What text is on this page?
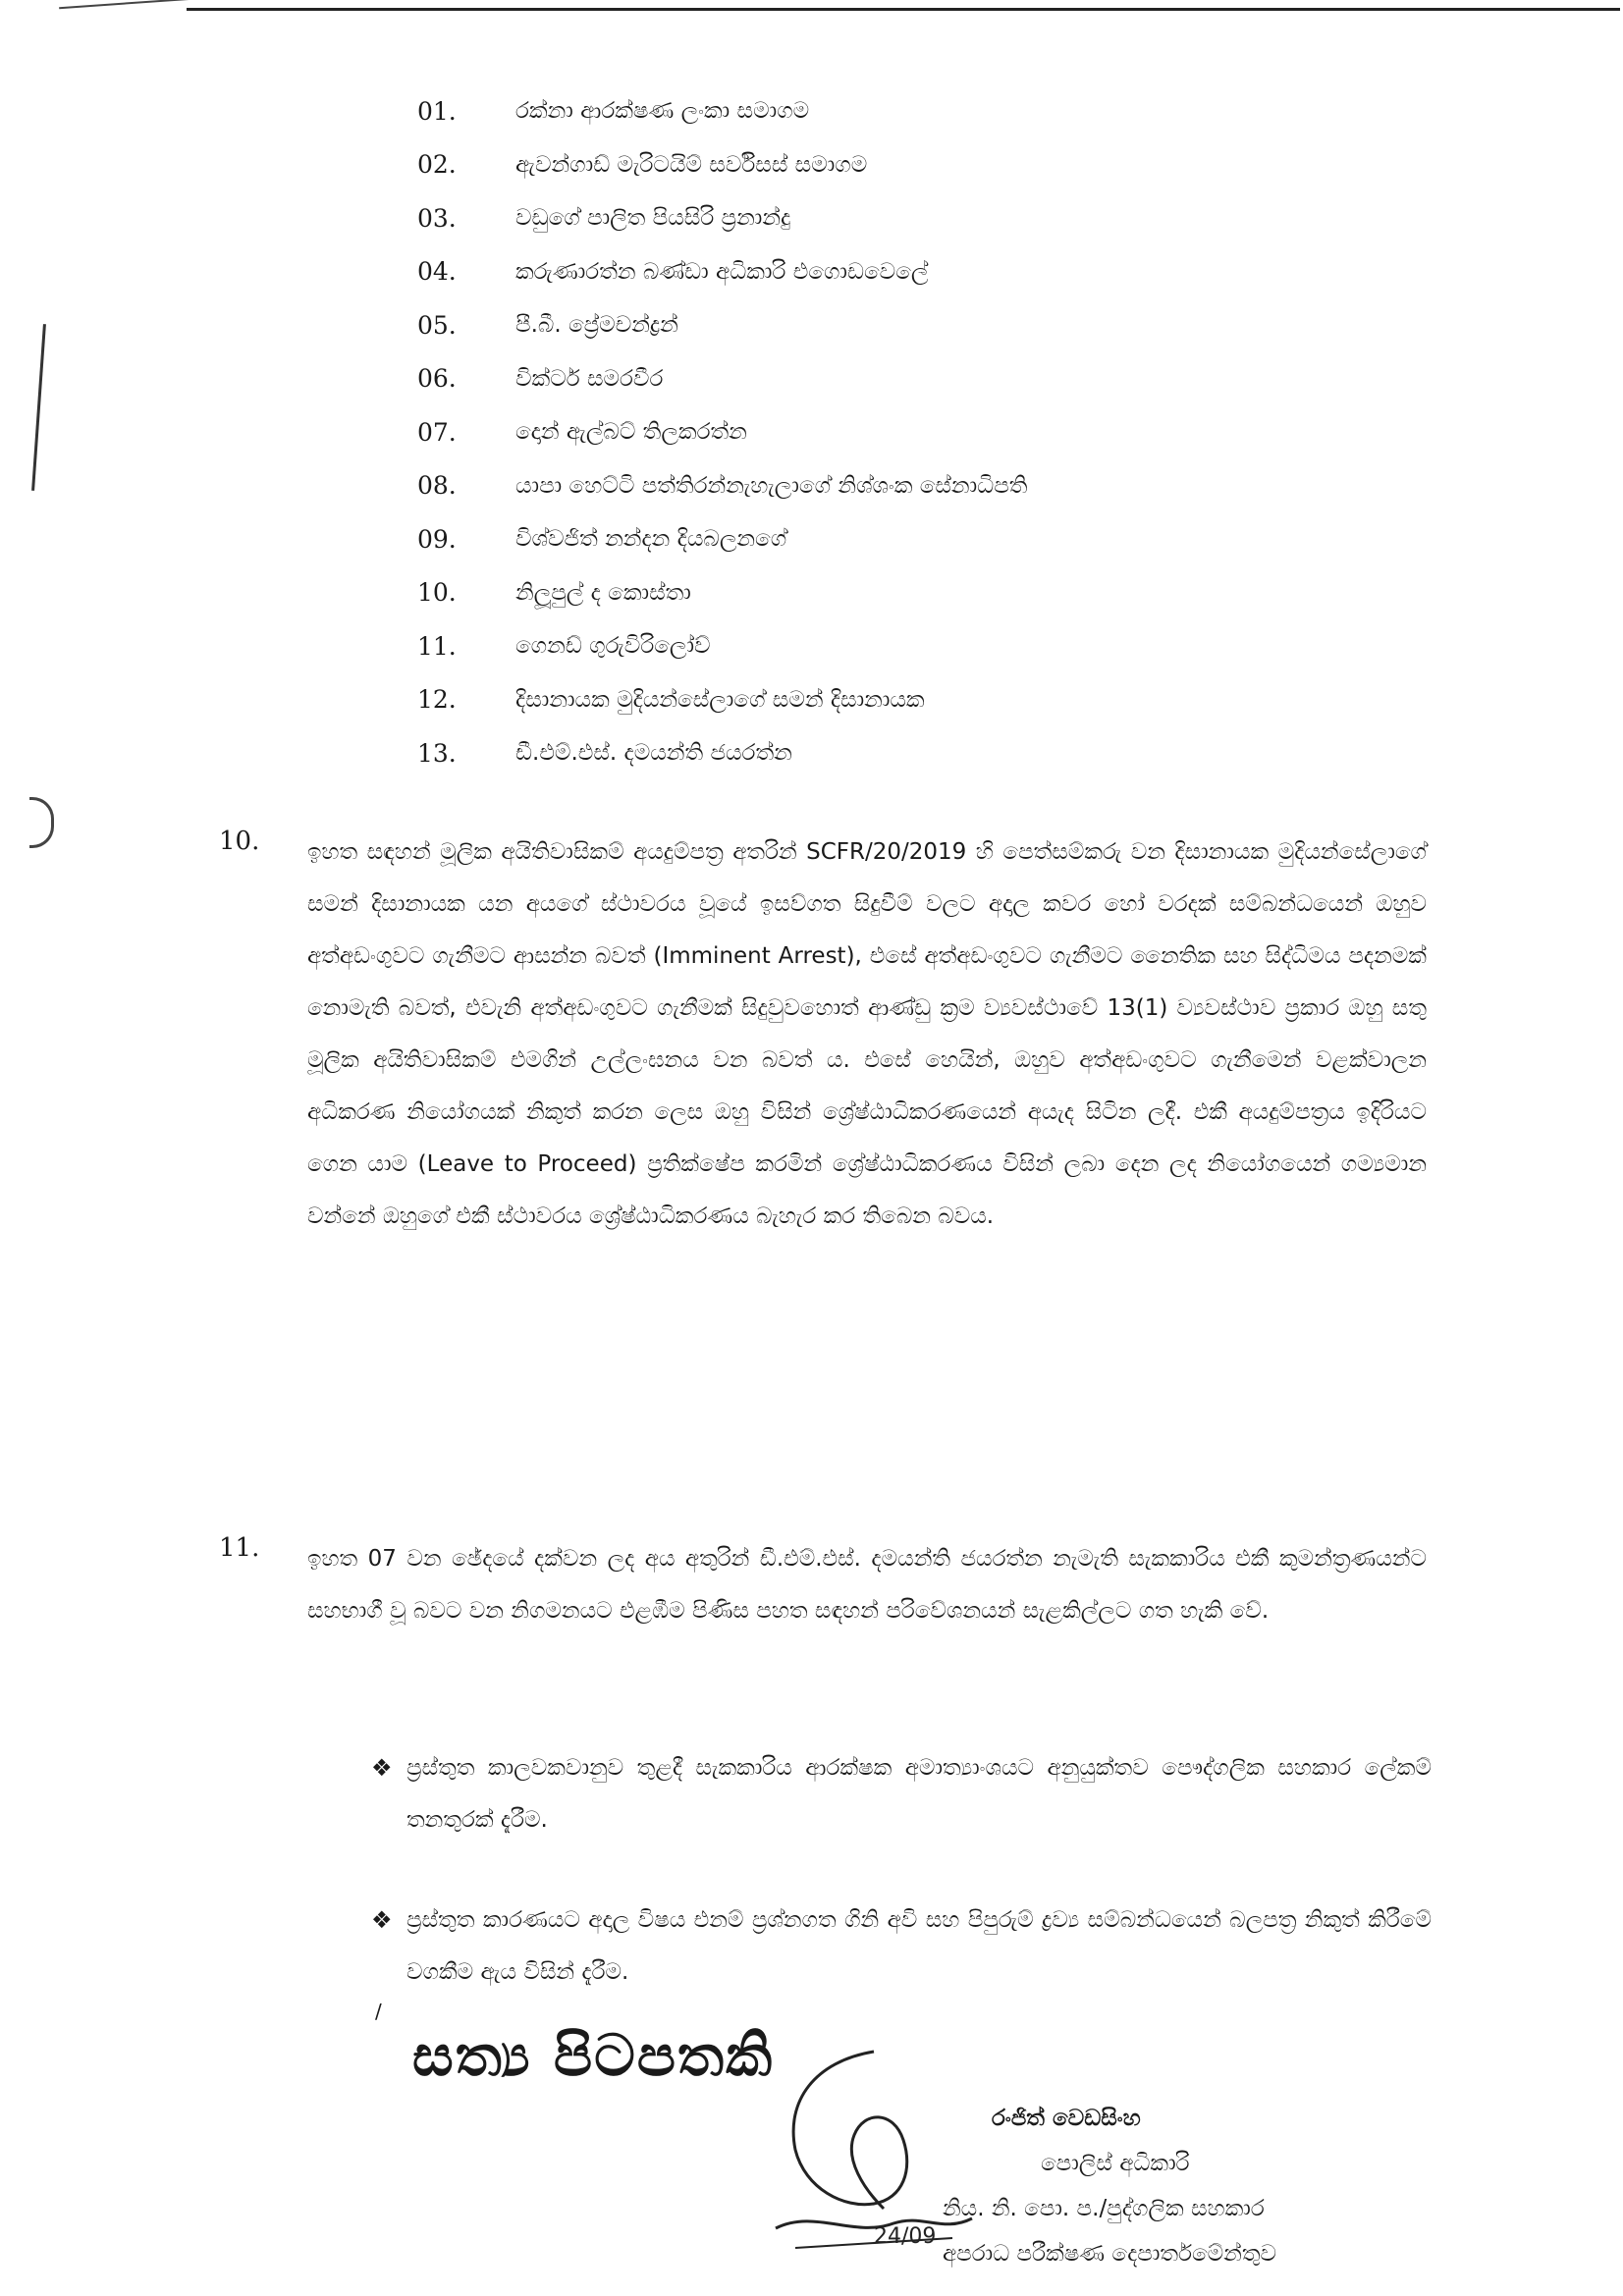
01.	රක්නා ආරක්ෂණ ලංකා සමාගම
02.	ඇවන්ගාඩ් මැරිටයිම් සර්විසස් සමාගම
03.	වඩුගේ පාලිත පියසිරි ප්‍රනාන්දු
04.	කරුණාරත්න බණ්ඩා අධිකාරි එගොඩවෙලේ
05.	පී.බී. ප්‍රේමචන්ද්‍රන්
06.	වික්ටර් සමරවීර
07.	දොන් ඇල්බට් තිලකරත්න
08.	යාපා හෙට්ටි පත්තිරන්නැහැලාගේ නිශ්ශංක සේනාධිපති
09.	විශ්වජිත් නන්දන දියබලනගේ
10.	නිලූපුල් ද කොස්තා
11.	ගෙනඩ් ගුරුවිරිලෝව්
12.	දිසානායක මුදියන්සේලාගේ සමන් දිසානායක
13.	ඩී.එම්.එස්. දමයන්ති ජයරත්න
10. ඉහත සඳහන් මූලික අයිතිවාසිකම් අයදුම්පත්‍ර අතරින් SCFR/20/2019 හි පෙත්සම්කරු වන දිසානායක මුදියන්සේලාගේ සමන් දිසානායක යන අයගේ ස්ථාවරය වූයේ ඉසව්ගත සිදුවීම් වලට අදාල කවර හෝ වරදක් සම්බන්ධයෙන් ඔහුව අත්අඩංගුවට ගැනීමට ආසන්න බවත් (Imminent Arrest), එසේ අත්අඩංගුවට ගැනීමට නෛතික සහ සිද්ධිමය පදනමක් නොමැති බවත්, එවැනි අත්අඩංගුවට ගැනීමක් සිදුවුවහොත් ආණ්ඩු ක්‍රම ව්‍යවස්ථාවේ 13(1) ව්‍යවස්ථාව ප්‍රකාර ඔහු සතු මූලික අයිතිවාසිකම් එමගින් උල්ලංඝනය වන බවත් ය. එසේ හෙයින්, ඔහුව අත්අඩංගුවට ගැනීමෙන් වළක්වාලන අධිකරණ නියෝගයක් නිකුත් කරන ලෙස ඔහු විසින් ශ්‍රේෂ්ඨාධිකරණයෙන් අයැද සිටින ලදී. එකී අයදුම්පත්‍රය ඉදිරියට ගෙන යාම (Leave to Proceed) ප්‍රතික්ෂේප කරමින් ශ්‍රේෂ්ඨාධිකරණය විසින් ලබා දෙන ලද නියෝගයෙන් ගම්‍යමාන වන්නේ ඔහුගේ එකී ස්ථාවරය ශ්‍රේෂ්ඨාධිකරණය බැහැර කර තිබෙන බවය.
11. ඉහත 07 වන ඡේදයේ දක්වන ලද අය අතුරින් ඩී.එම්.එස්. දමයන්ති ජයරත්න නැමැති සැකකාරිය එකී කුමන්ත්‍රණයන්ට සහභාගී වූ බවට වන නිගමනයට එළඹීම පිණිස පහත සඳහන් පරිවේශනයන් සැළකිල්ලට ගත හැකි වේ.
❖ ප්‍රස්තුත කාලවකවානුව තුළදී සැකකාරිය ආරක්ෂක අමාත්‍යාංශයට අනුයුක්තව පෞද්ගලික සහකාර ලේකම් තනතුරක් දැරීම.
❖ ප්‍රස්තුත කාරණයට අදාල විෂය එනම් ප්‍රශ්නගත ගිනි අවි සහ පිපුරුම් ද්‍රව්‍ය සම්බන්ධයෙන් බලපත්‍ර නිකුත් කිරීමේ වගකීම ඇය විසින් දැරීම.
/
සත්‍ය පිටපතකි
24/09
රංජිත් වෙඩසිංහ
පොලිස් අධිකාරි
නිය. නි. පො. ප./පුද්ගලික සහකාර
අපරාධ පරීක්ෂණ දෙපාර්තමේන්තුව
